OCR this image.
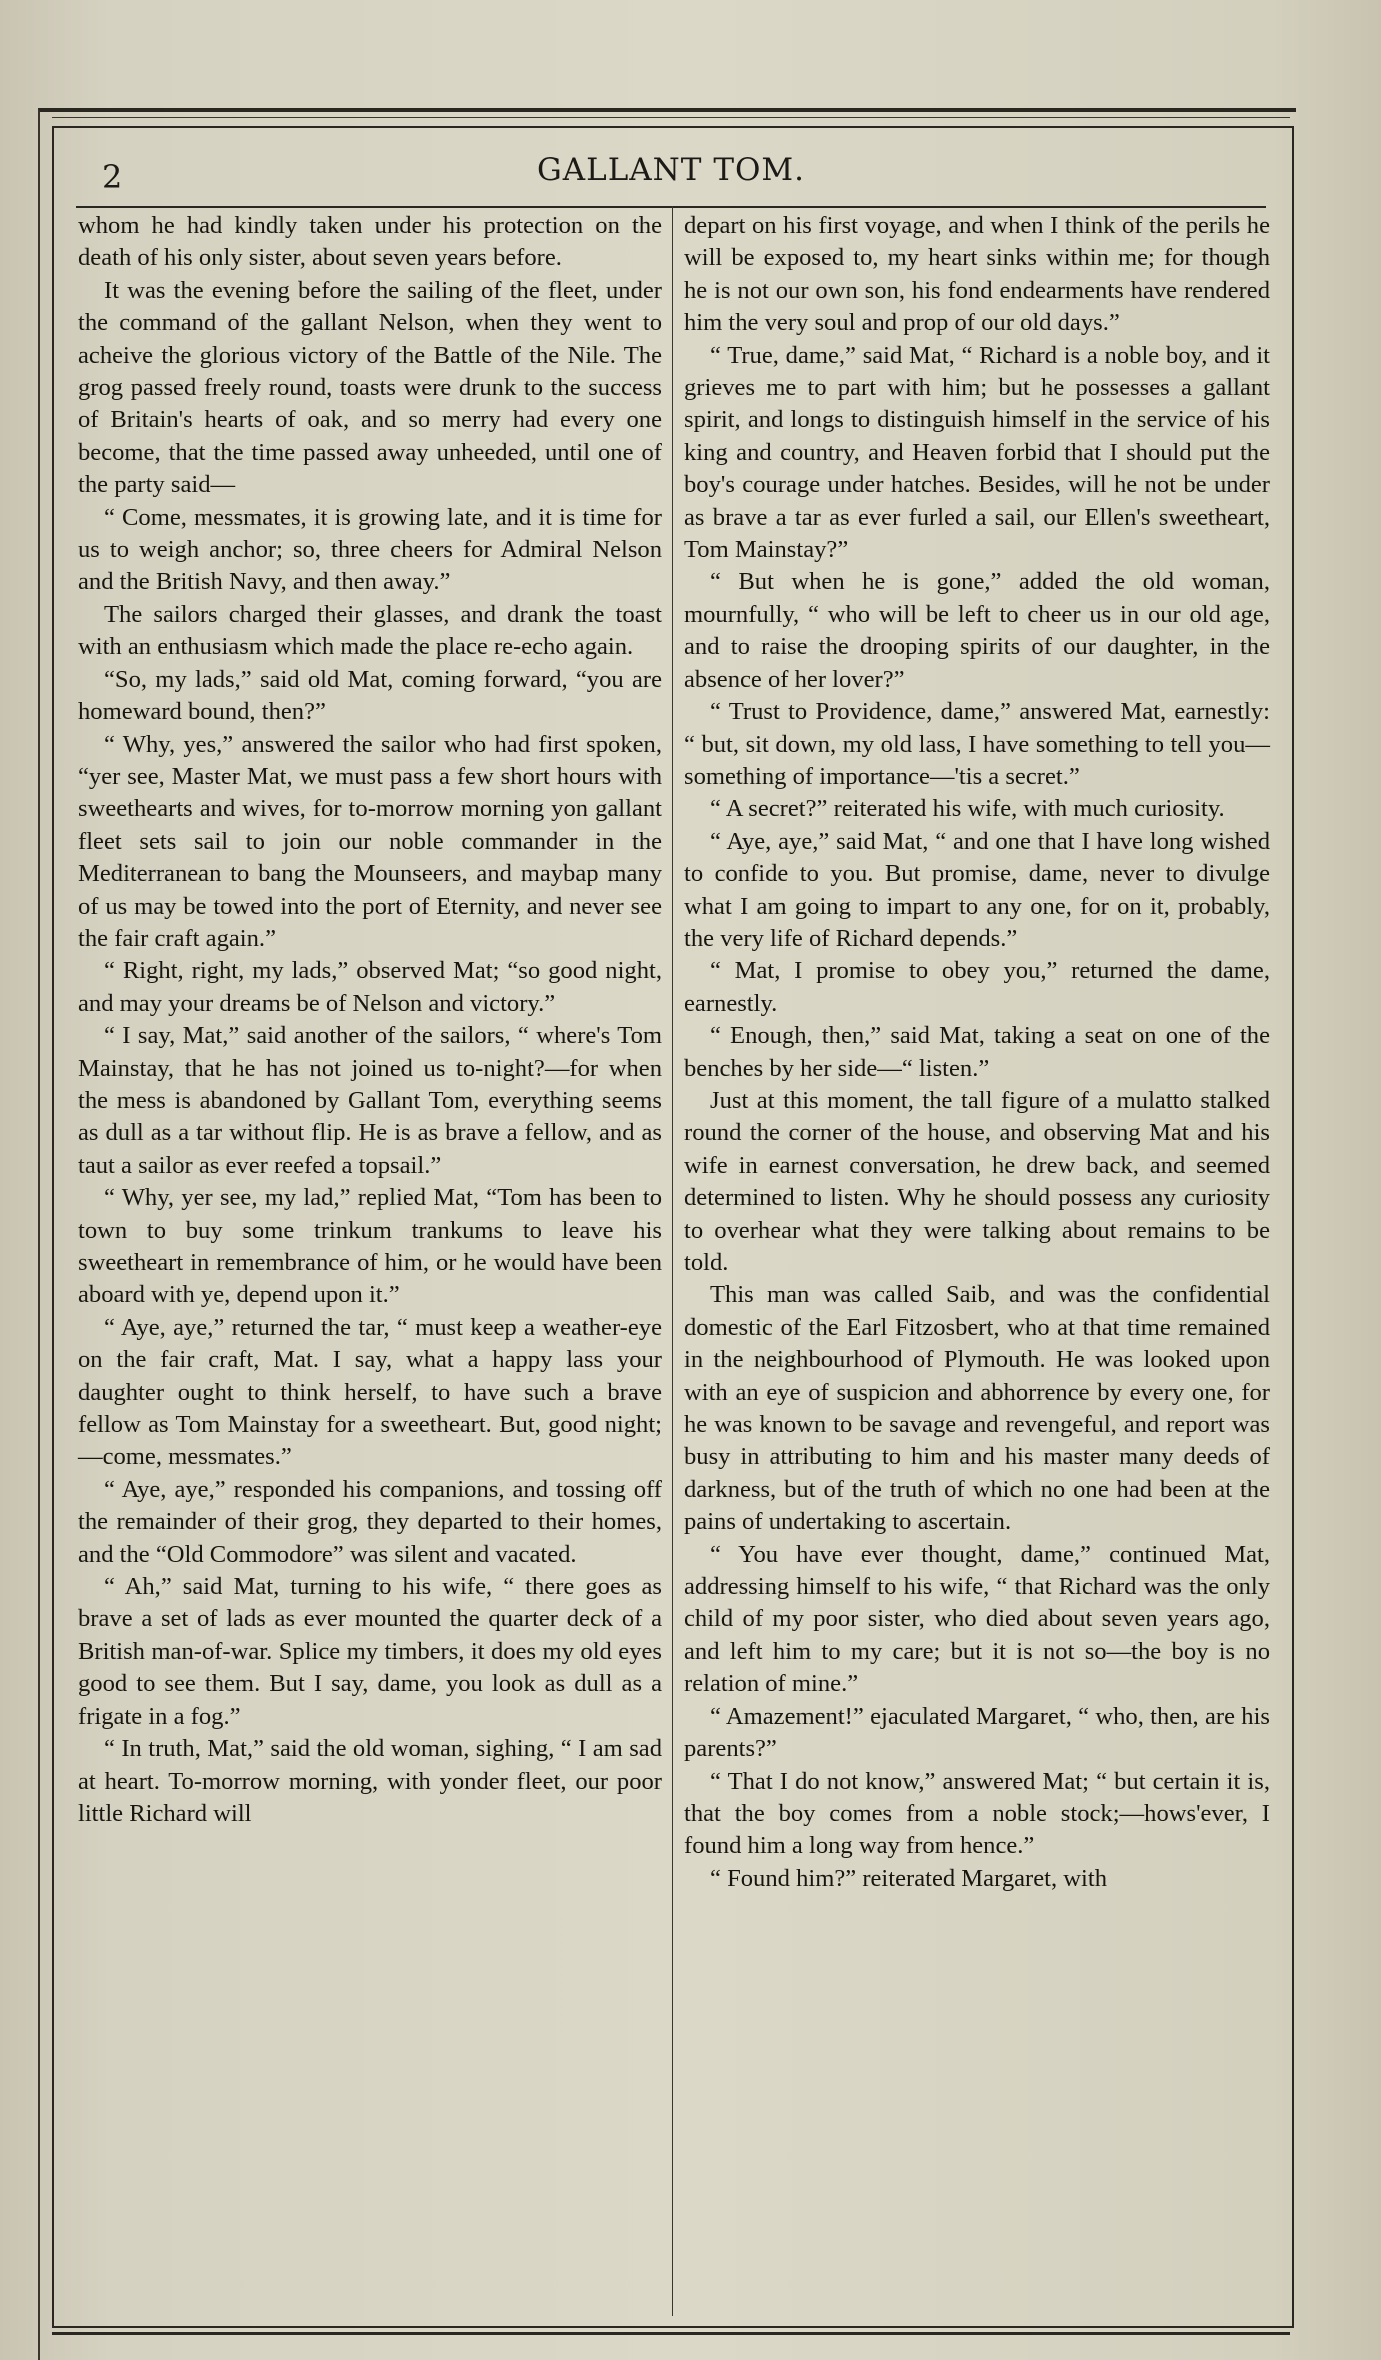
2	GALLANT TOM.

whom he had kindly taken under his protection on the death of his only sister, about seven years before.

It was the evening before the sailing of the fleet, under the command of the gallant Nelson, when they went to acheive the glorious victory of the Battle of the Nile. The grog passed freely round, toasts were drunk to the success of Britain's hearts of oak, and so merry had every one become, that the time passed away unheeded, until one of the party said—

“ Come, messmates, it is growing late, and it is time for us to weigh anchor; so, three cheers for Admiral Nelson and the British Navy, and then away.”

The sailors charged their glasses, and drank the toast with an enthusiasm which made the place re-echo again.

“So, my lads,” said old Mat, coming forward, “you are homeward bound, then?”

“ Why, yes,” answered the sailor who had first spoken, “yer see, Master Mat, we must pass a few short hours with sweethearts and wives, for to-morrow morning yon gallant fleet sets sail to join our noble commander in the Mediterranean to bang the Mounseers, and maybap many of us may be towed into the port of Eternity, and never see the fair craft again.”

“ Right, right, my lads,” observed Mat; “so good night, and may your dreams be of Nelson and victory.”

“ I say, Mat,” said another of the sailors, “ where's Tom Mainstay, that he has not joined us to-night?—for when the mess is abandoned by Gallant Tom, everything seems as dull as a tar without flip. He is as brave a fellow, and as taut a sailor as ever reefed a topsail.”

“ Why, yer see, my lad,” replied Mat, “Tom has been to town to buy some trinkum trankums to leave his sweetheart in remembrance of him, or he would have been aboard with ye, depend upon it.”

“ Aye, aye,” returned the tar, “ must keep a weather-eye on the fair craft, Mat. I say, what a happy lass your daughter ought to think herself, to have such a brave fellow as Tom Mainstay for a sweetheart. But, good night; —come, messmates.”

“ Aye, aye,” responded his companions, and tossing off the remainder of their grog, they departed to their homes, and the “Old Commodore” was silent and vacated.

“ Ah,” said Mat, turning to his wife, “ there goes as brave a set of lads as ever mounted the quarter deck of a British man-of-war. Splice my timbers, it does my old eyes good to see them. But I say, dame, you look as dull as a frigate in a fog.”

“ In truth, Mat,” said the old woman, sighing, “ I am sad at heart. To-morrow morning, with yonder fleet, our poor little Richard will

depart on his first voyage, and when I think of the perils he will be exposed to, my heart sinks within me; for though he is not our own son, his fond endearments have rendered him the very soul and prop of our old days.”

“ True, dame,” said Mat, “ Richard is a noble boy, and it grieves me to part with him; but he possesses a gallant spirit, and longs to distinguish himself in the service of his king and country, and Heaven forbid that I should put the boy's courage under hatches. Besides, will he not be under as brave a tar as ever furled a sail, our Ellen's sweetheart, Tom Mainstay?”

“ But when he is gone,” added the old woman, mournfully, “ who will be left to cheer us in our old age, and to raise the drooping spirits of our daughter, in the absence of her lover?”

“ Trust to Providence, dame,” answered Mat, earnestly: “ but, sit down, my old lass, I have something to tell you—something of importance—'tis a secret.”

“ A secret?” reiterated his wife, with much curiosity.

“ Aye, aye,” said Mat, “ and one that I have long wished to confide to you. But promise, dame, never to divulge what I am going to impart to any one, for on it, probably, the very life of Richard depends.”

“ Mat, I promise to obey you,” returned the dame, earnestly.

“ Enough, then,” said Mat, taking a seat on one of the benches by her side—“ listen.”

Just at this moment, the tall figure of a mulatto stalked round the corner of the house, and observing Mat and his wife in earnest conversation, he drew back, and seemed determined to listen. Why he should possess any curiosity to overhear what they were talking about remains to be told.

This man was called Saib, and was the confidential domestic of the Earl Fitzosbert, who at that time remained in the neighbourhood of Plymouth. He was looked upon with an eye of suspicion and abhorrence by every one, for he was known to be savage and revengeful, and report was busy in attributing to him and his master many deeds of darkness, but of the truth of which no one had been at the pains of undertaking to ascertain.

“ You have ever thought, dame,” continued Mat, addressing himself to his wife, “ that Richard was the only child of my poor sister, who died about seven years ago, and left him to my care; but it is not so—the boy is no relation of mine.”

“ Amazement!” ejaculated Margaret, “ who, then, are his parents?”

“ That I do not know,” answered Mat; “ but certain it is, that the boy comes from a noble stock;—hows'ever, I found him a long way from hence.”

“ Found him?” reiterated Margaret, with
